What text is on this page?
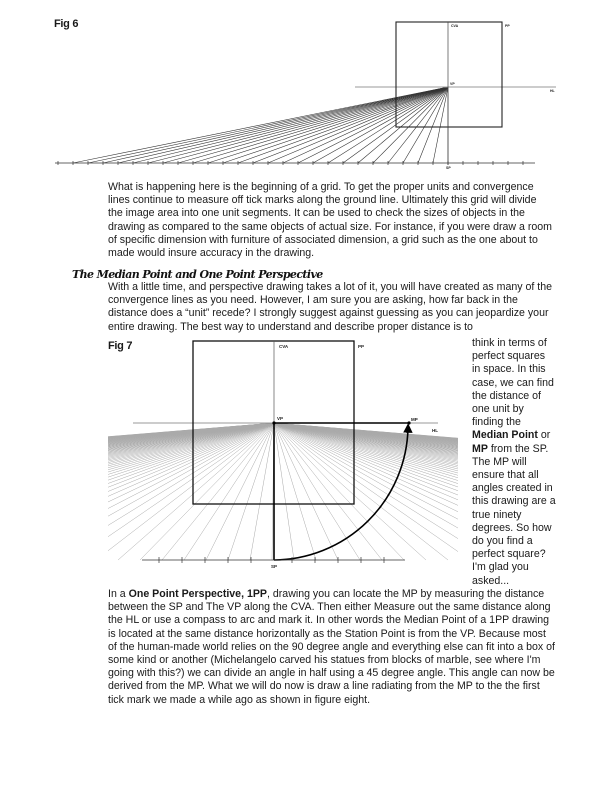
Fig 6	CVA	PP
VP
HL
SP
What is happening here is the beginning of a grid. To get the proper units and convergence lines continue to measure off tick marks along the ground line. Ultimately this grid will divide the image area into one unit segments. It can be used to check the sizes of objects in the drawing as compared to the same objects of actual size. For instance, if you were draw a room of specific dimension with furniture of associated dimension, a grid such as the one about to made would insure accuracy in the drawing.
The Median Point and One Point Perspective
With a little time, and perspective drawing takes a lot of it, you will have created as many of the convergence lines as you need. However, I am sure you are asking, how far back in the distance does a “unit” recede? I strongly suggest against guessing as you can jeopardize your entire drawing. The best way to understand and describe proper distance is to
Fig 7	CVA	PP
VP	MP
HL
SP
think in terms of perfect squares in space. In this case, we can find the distance of one unit by finding the Median Point or MP from the SP. The MP will ensure that all angles created in this drawing are a true ninety degrees. So how do you find a perfect square? I'm glad you asked...
In a One Point Perspective, 1PP, drawing you can locate the MP by measuring the distance between the SP and The VP along the CVA. Then either Measure out the same distance along the HL or use a compass to arc and mark it. In other words the Median Point of a 1PP drawing is located at the same distance horizontally as the Station Point is from the VP. Because most of the human-made world relies on the 90 degree angle and everything else can fit into a box of some kind or another (Michelangelo carved his statues from blocks of marble, see where I'm going with this?) we can divide an angle in half using a 45 degree angle. This angle can now be derived from the MP. What we will do now is draw a line radiating from the MP to the the first tick mark we made a while ago as shown in figure eight.
